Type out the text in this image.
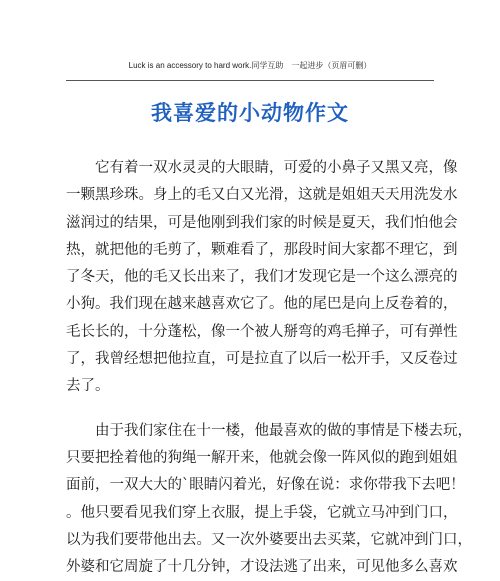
Luck is an accessory to hard work.同学互助　一起进步（页眉可删）
我喜爱的小动物作文
　　它有着一双水灵灵的大眼睛，可爱的小鼻子又黑又亮，像
一颗黑珍珠。身上的毛又白又光滑，这就是姐姐天天用洗发水
滋润过的结果，可是他刚到我们家的时候是夏天，我们怕他会
热，就把他的毛剪了，颗难看了，那段时间大家都不理它，到
了冬天，他的毛又长出来了，我们才发现它是一个这么漂亮的
小狗。我们现在越来越喜欢它了。他的尾巴是向上反卷着的，
毛长长的，十分蓬松，像一个被人掰弯的鸡毛掸子，可有弹性
了，我曾经想把他拉直，可是拉直了以后一松开手，又反卷过
去了。
　　由于我们家住在十一楼，他最喜欢的做的事情是下楼去玩，
只要把拴着他的狗绳一解开来，他就会像一阵风似的跑到姐姐
面前，一双大大的`眼睛闪着光，好像在说：求你带我下去吧！
。他只要看见我们穿上衣服，提上手袋，它就立马冲到门口，
以为我们要带他出去。又一次外婆要出去买菜，它就冲到门口，
外婆和它周旋了十几分钟，才设法逃了出来，可见他多么喜欢
